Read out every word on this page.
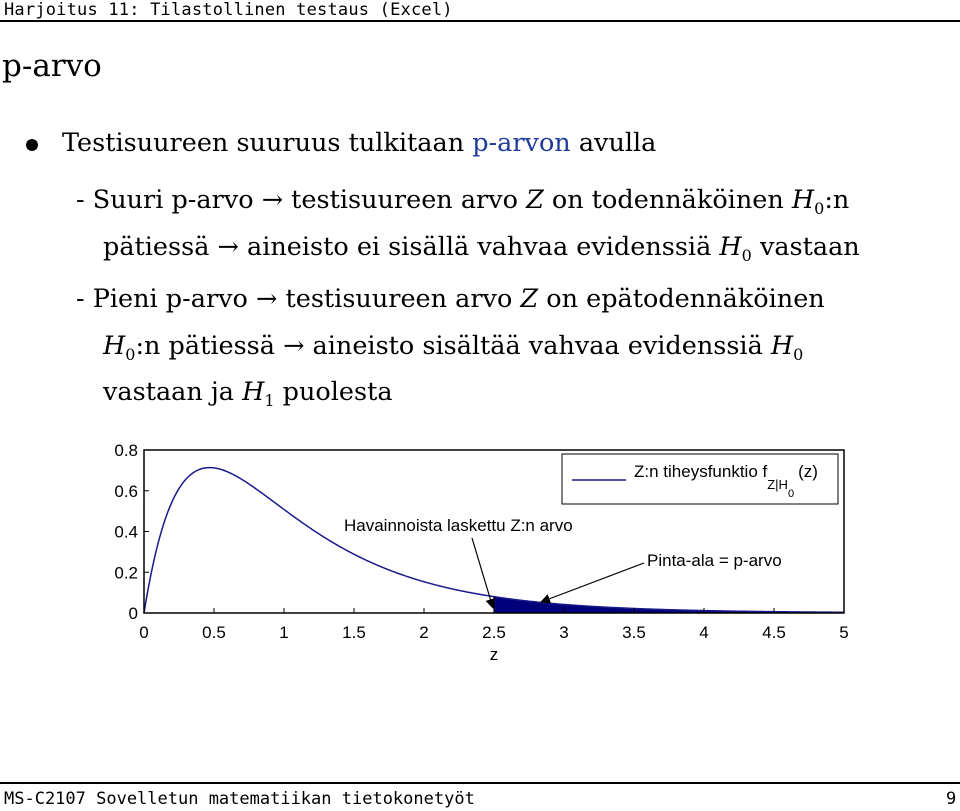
Harjoitus 11: Tilastollinen testaus (Excel)
p-arvo
Testisuureen suuruus tulkitaan p-arvon avulla
- Suuri p-arvo → testisuureen arvo Z on todennäköinen $H_0:n$
pätiessä → aineisto ei sisällä vahvaa evidenssiä $H_0$ vastaan
- Pieni p-arvo → testisuureen arvo Z on epätodennäköinen
$H_0:n$ pätiessä → aineisto sisältää vahvaa evidenssiä $H_0$
vastaan ja $H_1$ puolesta
0	0.5	1	1.5	2	2.5	3	3.5	4	4.5	5
0
0.2
0.4
0.6
0.8
z
Z:n tiheysfunktio $f_{Z|H0}(z)$
Havainnoista laskettu Z:n arvo
Pinta-ala = p-arvo
MS-C2107 Sovelletun matematiikan tietokonetyöt	9
